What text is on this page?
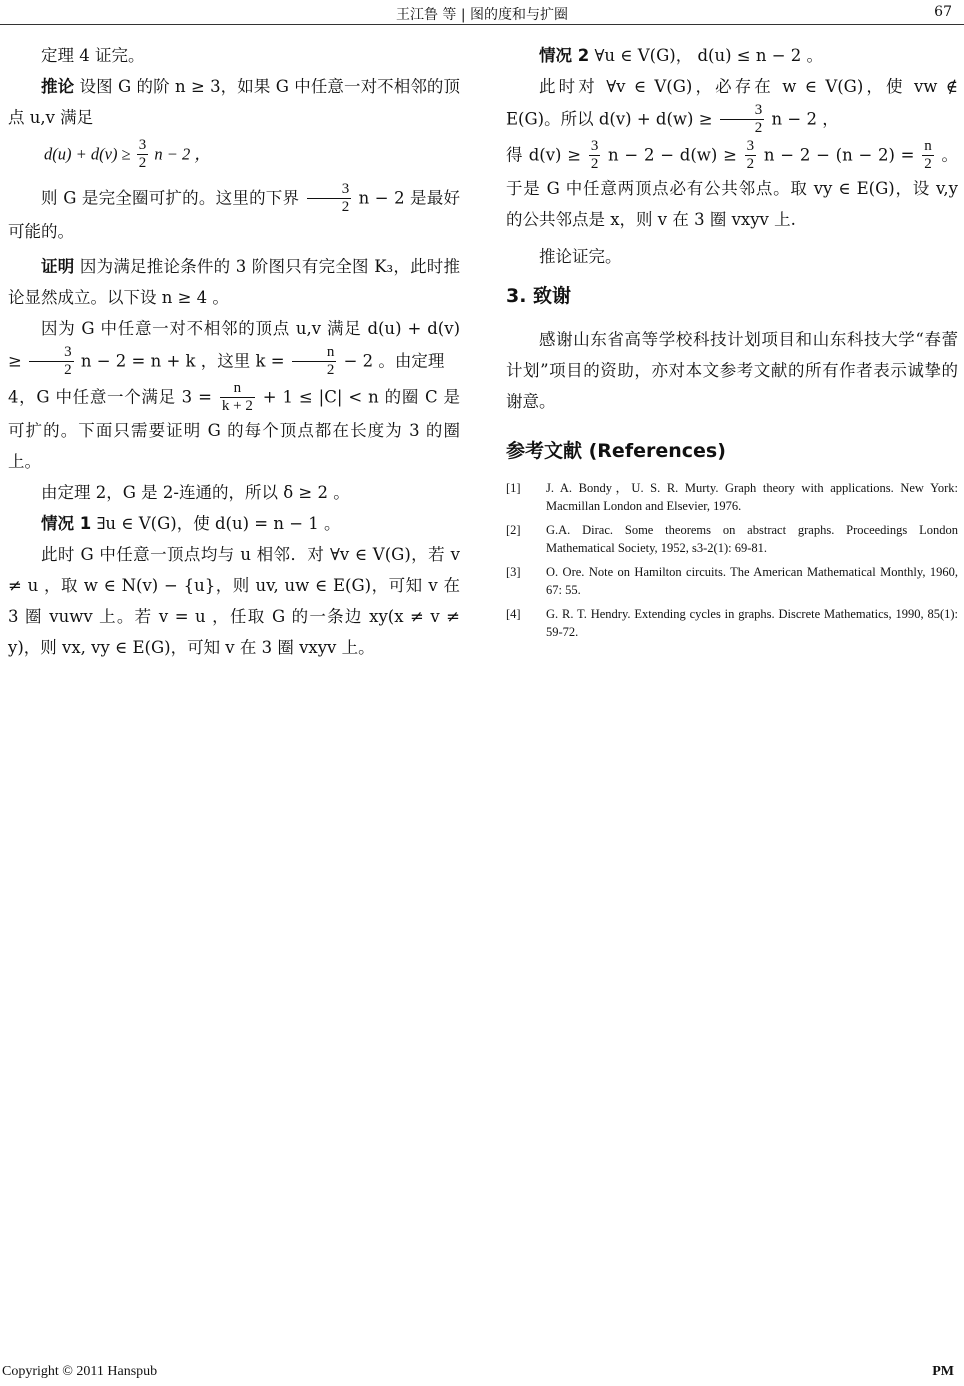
王江鲁 等 | 图的度和与扩圈	67

定理 4 证完。

推论 设图 G 的阶 n ≥ 3，如果 G 中任意一对不相邻的顶点 u,v 满足

$d(u) + d(v) \ge \frac{3}{2}$ n − 2 ，

则 G 是完全圈可扩的。这里的下界 $\frac{3}{2}$ n − 2 是最好可能的。

证明 因为满足推论条件的 3 阶图只有完全图 K₃，此时推论显然成立。以下设 n ≥ 4 。

因为 G 中任意一对不相邻的顶点 u,v 满足 $d(u) + d(v) \ge \frac{3}{2}$ n − 2 = n + k ，这里 $k = \frac{n}{2} - 2$ 。由定理

4，G 中任意一个满足 $3 = \frac{n}{k + 2} + 1 \le |C| < n$ 的圈 C 是可扩的。下面只需要证明 G 的每个顶点都在长度为 3 的圈上。

由定理 2，G 是 2-连通的，所以 δ ≥ 2 。

情况 1 ∃u ∈ V(G)，使 d(u) = n − 1 。

此时 G 中任意一顶点均与 u 相邻．对 ∀v ∈ V(G)，若 v ≠ u ，取 w ∈ N(v) − {u}，则 uv, uw ∈ E(G)，可知 v 在 3 圈 vuwv 上。若 v = u ，任取 G 的一条边 xy(x ≠ v ≠ y)，则 vx, vy ∈ E(G)，可知 v 在 3 圈 vxyv 上。

情况 2 ∀u ∈ V(G)， d(u) ≤ n − 2 。

此时对 ∀v ∈ V(G)，必存在 w ∈ V(G)，使 vw ∉ E(G)。所以 $d(v) + d(w) \ge \frac{3}{2}$ n − 2 ，

得 $d(v) \ge \frac{3}{2}$ $n - 2 - d(w) \ge \frac{3}{2}$ $n - 2 - (n - 2) = \frac{n}{2}$ 。于是 G 中任意两顶点必有公共邻点。取 vy ∈ E(G)，设 v,y 的公共邻点是 x，则 v 在 3 圈 vxyv 上.

推论证完。

3. 致谢

感谢山东省高等学校科技计划项目和山东科技大学“春蕾计划”项目的资助，亦对本文参考文献的所有作者表示诚挚的谢意。

参考文献 (References)
[1] J. A. Bondy，U. S. R. Murty. Graph theory with applications. New York: Macmillan London and Elsevier, 1976.
[2] G.A. Dirac. Some theorems on abstract graphs. Proceedings London Mathematical Society, 1952, s3-2(1): 69-81.
[3] O. Ore. Note on Hamilton circuits. The American Mathematical Monthly, 1960, 67: 55.
[4] G. R. T. Hendry. Extending cycles in graphs. Discrete Mathematics, 1990, 85(1): 59-72.
Copyright © 2011 Hanspub	PM
